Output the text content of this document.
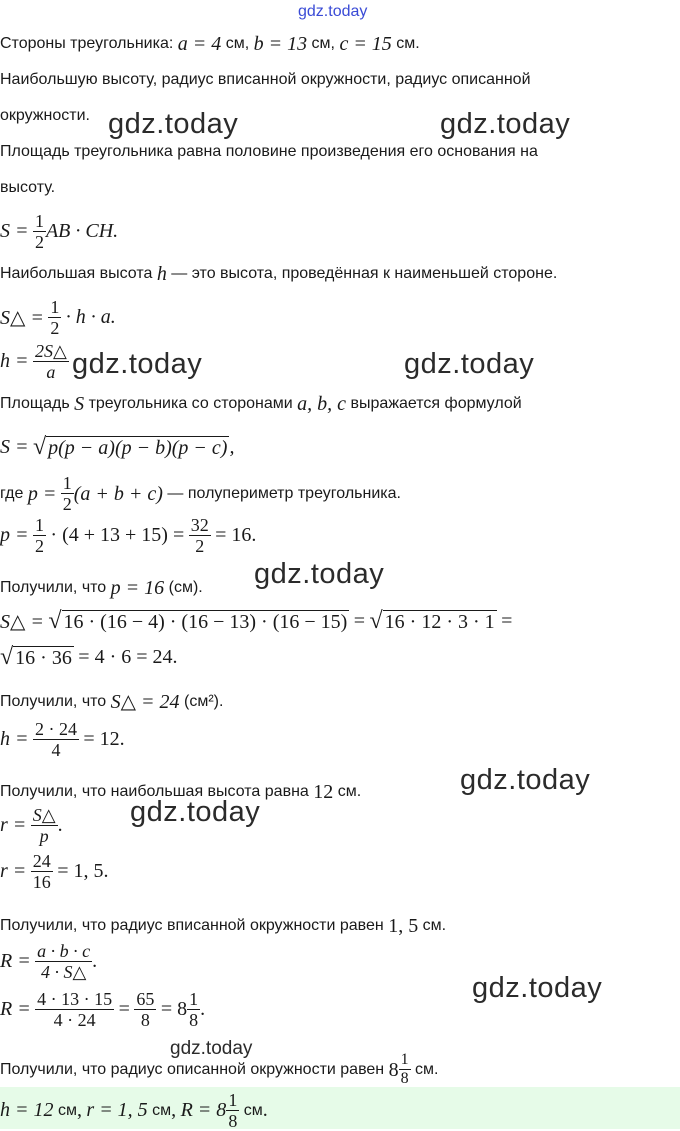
gdz.today
Стороны треугольника:
a = 4
см , b = 13
см , c = 15
см .
Наибольшую высоту, радиус вписанной окружности, радиус описанной
окружности. gdz.today	gdz.today
Площадь треугольника равна половине произведения его основания на
высоту.
S =
$\frac{1}{2}$ AB · CH.
Наибольшая высота
h
— это высота, проведённая к наименьшей стороне.
S△ =
$\frac{1}{2}$
· h · a.
h =
$\frac{2S\triangle}{a}$ gdz.today	gdz.today
Площадь
S
треугольника со сторонами
a, b, c
выражается формулой
S =
√ p(p − a)(p − b)(p − c) ,
где
p =
$\frac{1}{2} (a + b + c)$
— полупериметр треугольника.
p =
$\frac{1}{2}$
· (4 + 13 + 15) =
$\frac{32}{2}$
= 16.
gdz.today
Получили, что
p = 16
(см).
S△ =
√ 16 · (16 − 4) · (16 − 13) · (16 − 15)
=
√ 16 · 12 · 3 · 1
=
√ 16 · 36
= 4 · 6 = 24.
Получили, что
S△ = 24
(см²).
h =
$\frac{2 \cdot 24}{4}$
= 12.
gdz.today
Получили, что наибольшая высота равна
12
см.
gdz.today
r =
$\frac{S\triangle}{p}$ .
r =
$\frac{24}{16}$
= 1, 5.
Получили, что радиус вписанной окружности равен
1, 5
см.
R =
$\frac{a \cdot b \cdot c}{4 \cdot S\triangle}$ .
gdz.today
R =
$\frac{4 \cdot 13 \cdot 15}{4 \cdot 24}$
=
$\frac{65}{8}$
= $8 \frac{1}{8}$ .
gdz.today
Получили, что радиус описанной окружности равен
$8 \frac{1}{8}$
см.
h = 12
см ,
r = 1, 5
см ,
$R = 8 \frac{1}{8}$
см .
